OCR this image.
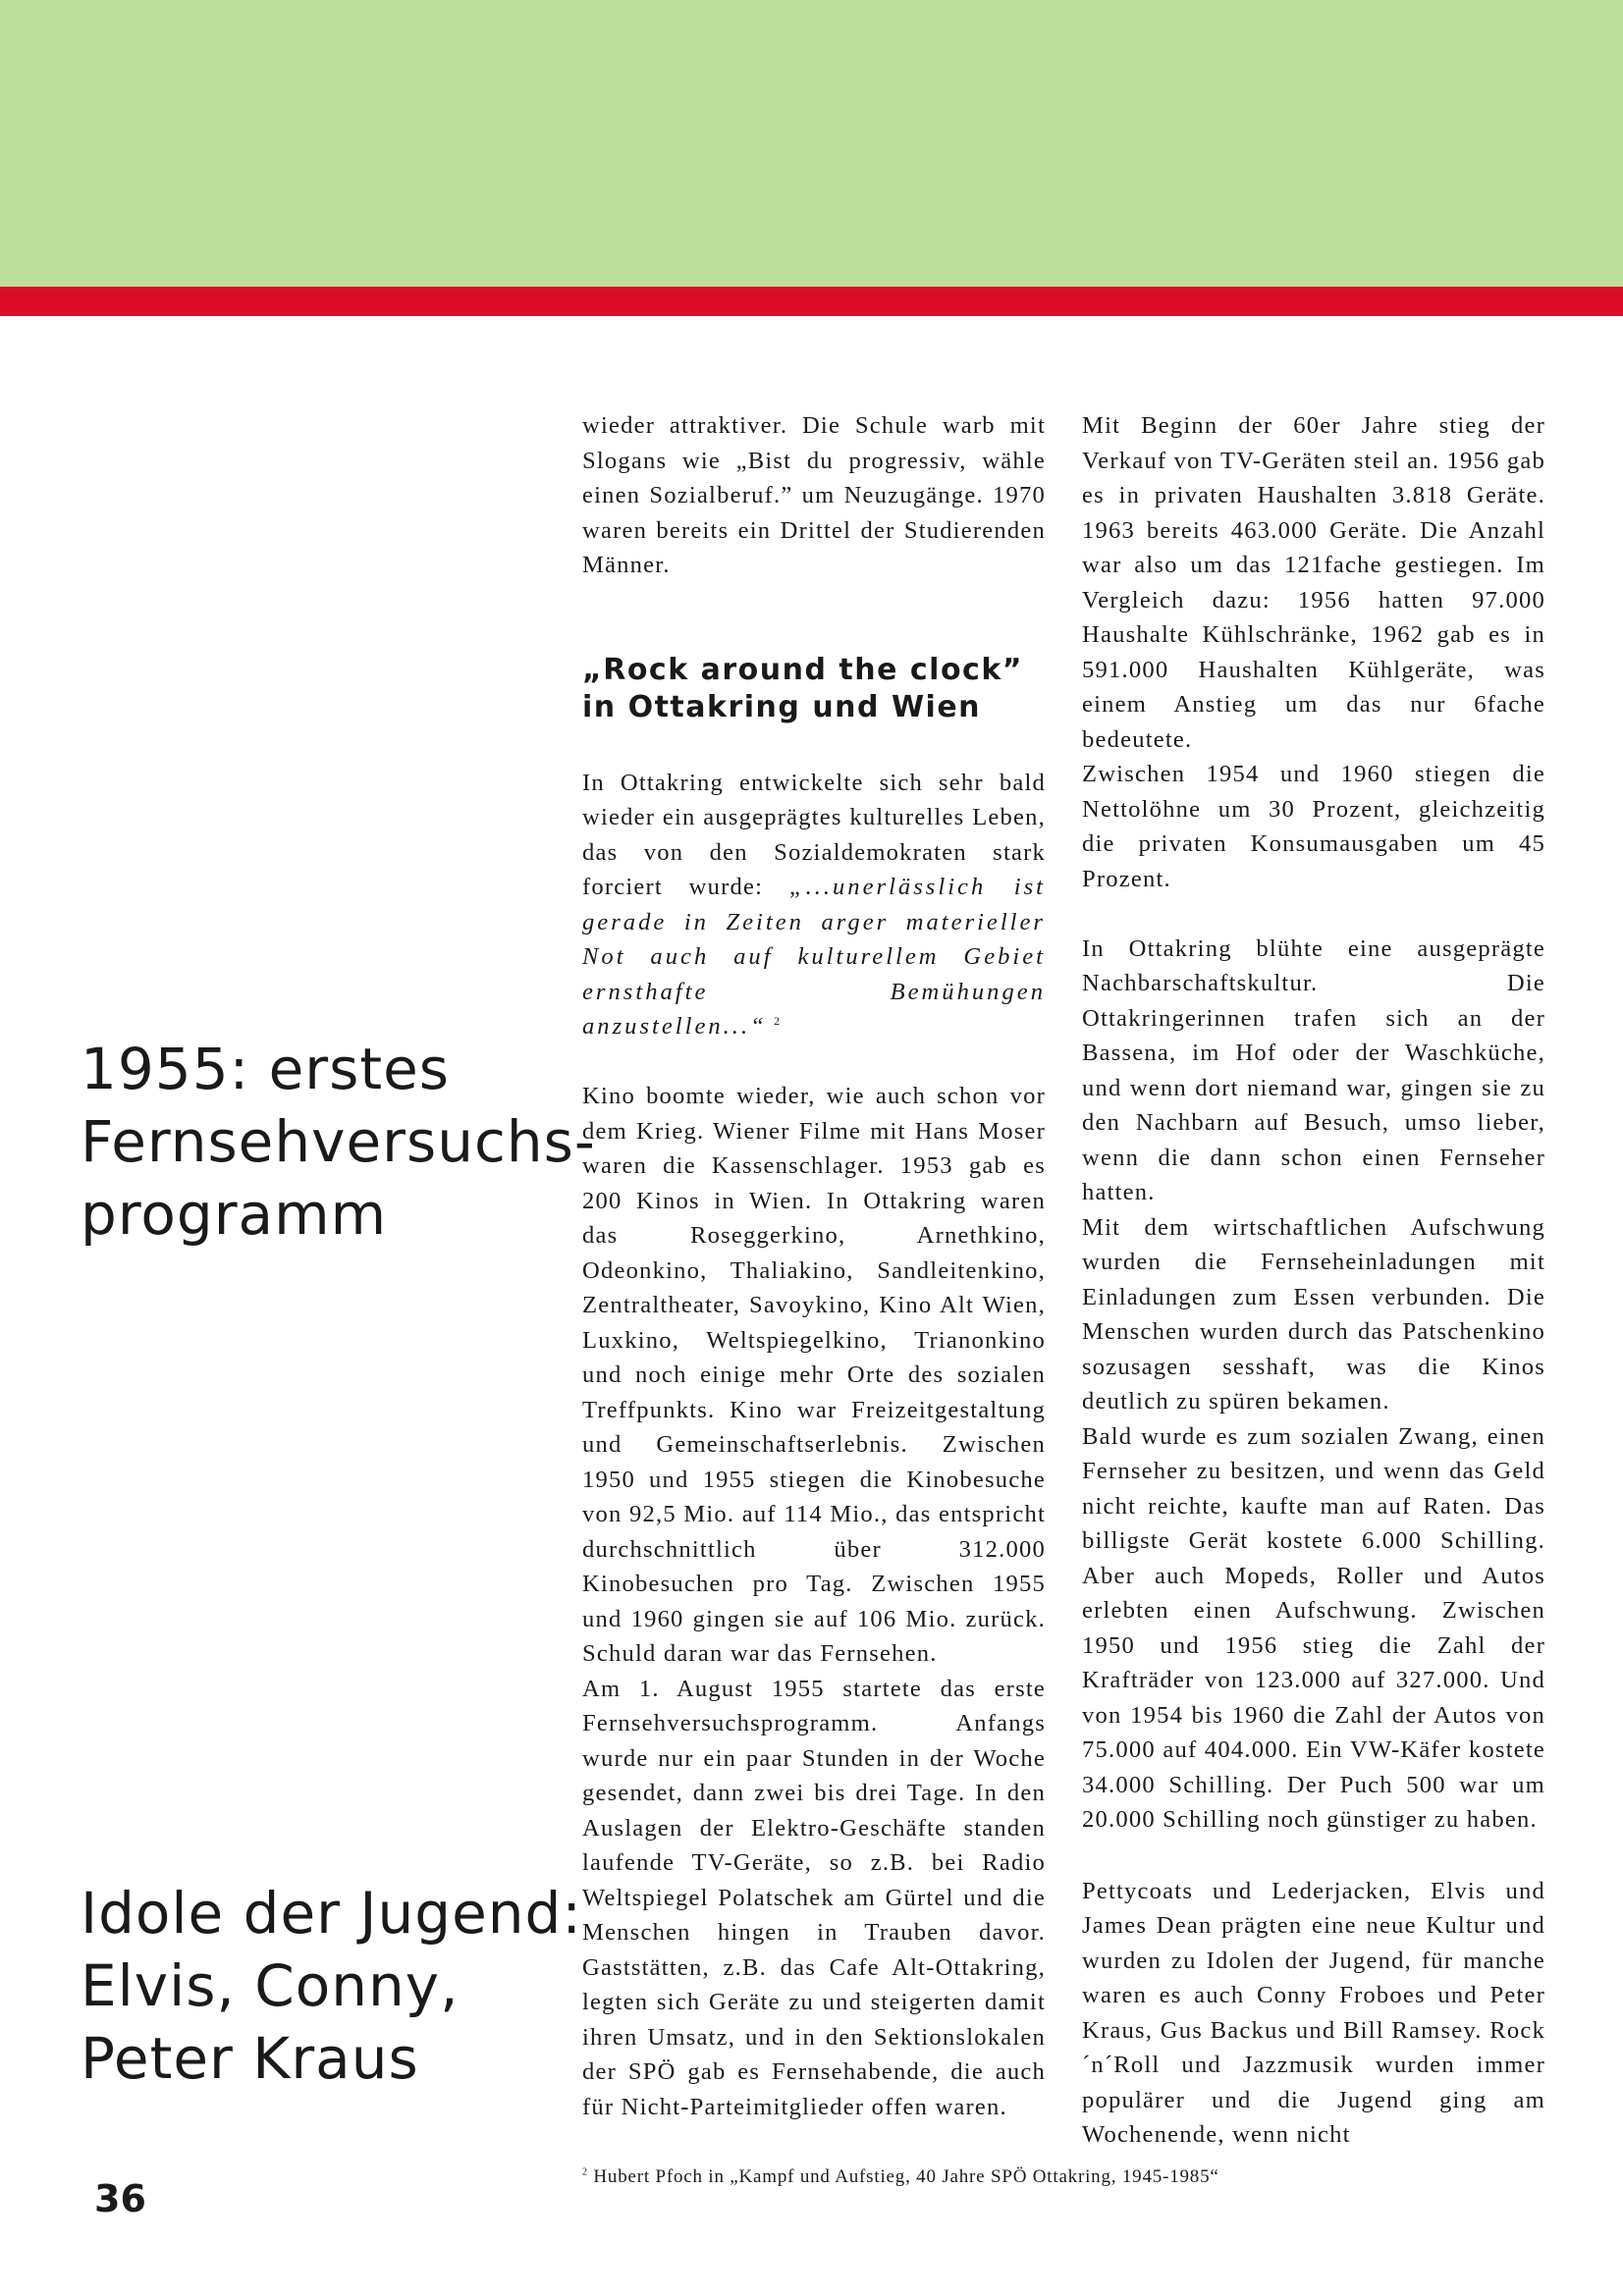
1955: erstes
Fernsehversuchs-
programm
Idole der Jugend:
Elvis, Conny,
Peter Kraus

wieder attraktiver. Die Schule warb mit Slogans wie „Bist du progressiv, wähle einen Sozialberuf.” um Neuzugänge. 1970 waren bereits ein Drittel der Studierenden Männer.

„Rock around the clock”
in Ottakring und Wien

In Ottakring entwickelte sich sehr bald wieder ein ausgeprägtes kulturelles Leben, das von den Sozialdemokraten stark forciert wurde: „...unerlässlich ist gerade in Zeiten arger materieller Not auch auf kulturellem Gebiet ernsthafte Bemühungen anzustellen...“ $^2$

Kino boomte wieder, wie auch schon vor dem Krieg. Wiener Filme mit Hans Moser waren die Kassenschlager. 1953 gab es 200 Kinos in Wien. In Ottakring waren das Roseggerkino, Arnethkino, Odeonkino, Thaliakino, Sandleitenkino, Zentraltheater, Savoykino, Kino Alt Wien, Luxkino, Weltspiegelkino, Trianonkino und noch einige mehr Orte des sozialen Treffpunkts. Kino war Freizeitgestaltung und Gemeinschaftserlebnis. Zwischen 1950 und 1955 stiegen die Kinobesuche von 92,5 Mio. auf 114 Mio., das entspricht durchschnittlich über 312.000 Kinobesuchen pro Tag. Zwischen 1955 und 1960 gingen sie auf 106 Mio. zurück. Schuld daran war das Fernsehen.

Am 1. August 1955 startete das erste Fernsehversuchsprogramm. Anfangs wurde nur ein paar Stunden in der Woche gesendet, dann zwei bis drei Tage. In den Auslagen der Elektro-Geschäfte standen laufende TV-Geräte, so z.B. bei Radio Weltspiegel Polatschek am Gürtel und die Menschen hingen in Trauben davor. Gaststätten, z.B. das Cafe Alt-Ottakring, legten sich Geräte zu und steigerten damit ihren Umsatz, und in den Sektionslokalen der SPÖ gab es Fernsehabende, die auch für Nicht-Parteimitglieder offen waren.

Mit Beginn der 60er Jahre stieg der Verkauf von TV-Geräten steil an. 1956 gab es in privaten Haushalten 3.818 Geräte. 1963 bereits 463.000 Geräte. Die Anzahl war also um das 121fache gestiegen. Im Vergleich dazu: 1956 hatten 97.000 Haushalte Kühlschränke, 1962 gab es in 591.000 Haushalten Kühlgeräte, was einem Anstieg um das nur 6fache bedeutete.

Zwischen 1954 und 1960 stiegen die Nettolöhne um 30 Prozent, gleichzeitig die privaten Konsumausgaben um 45 Prozent.

In Ottakring blühte eine ausgeprägte Nachbarschaftskultur. Die Ottakringerinnen trafen sich an der Bassena, im Hof oder der Waschküche, und wenn dort niemand war, gingen sie zu den Nachbarn auf Besuch, umso lieber, wenn die dann schon einen Fernseher hatten.

Mit dem wirtschaftlichen Aufschwung wurden die Fernseheinladungen mit Einladungen zum Essen verbunden. Die Menschen wurden durch das Patschenkino sozusagen sesshaft, was die Kinos deutlich zu spüren bekamen.

Bald wurde es zum sozialen Zwang, einen Fernseher zu besitzen, und wenn das Geld nicht reichte, kaufte man auf Raten. Das billigste Gerät kostete 6.000 Schilling. Aber auch Mopeds, Roller und Autos erlebten einen Aufschwung. Zwischen 1950 und 1956 stieg die Zahl der Krafträder von 123.000 auf 327.000. Und von 1954 bis 1960 die Zahl der Autos von 75.000 auf 404.000. Ein VW-Käfer kostete 34.000 Schilling. Der Puch 500 war um 20.000 Schilling noch günstiger zu haben.

Pettycoats und Lederjacken, Elvis und James Dean prägten eine neue Kultur und wurden zu Idolen der Jugend, für manche waren es auch Conny Froboes und Peter Kraus, Gus Backus und Bill Ramsey. Rock´n´Roll und Jazzmusik wurden immer populärer und die Jugend ging am Wochenende, wenn nicht

$^2$ Hubert Pfoch in „Kampf und Aufstieg, 40 Jahre SPÖ Ottakring, 1945-1985“

36
